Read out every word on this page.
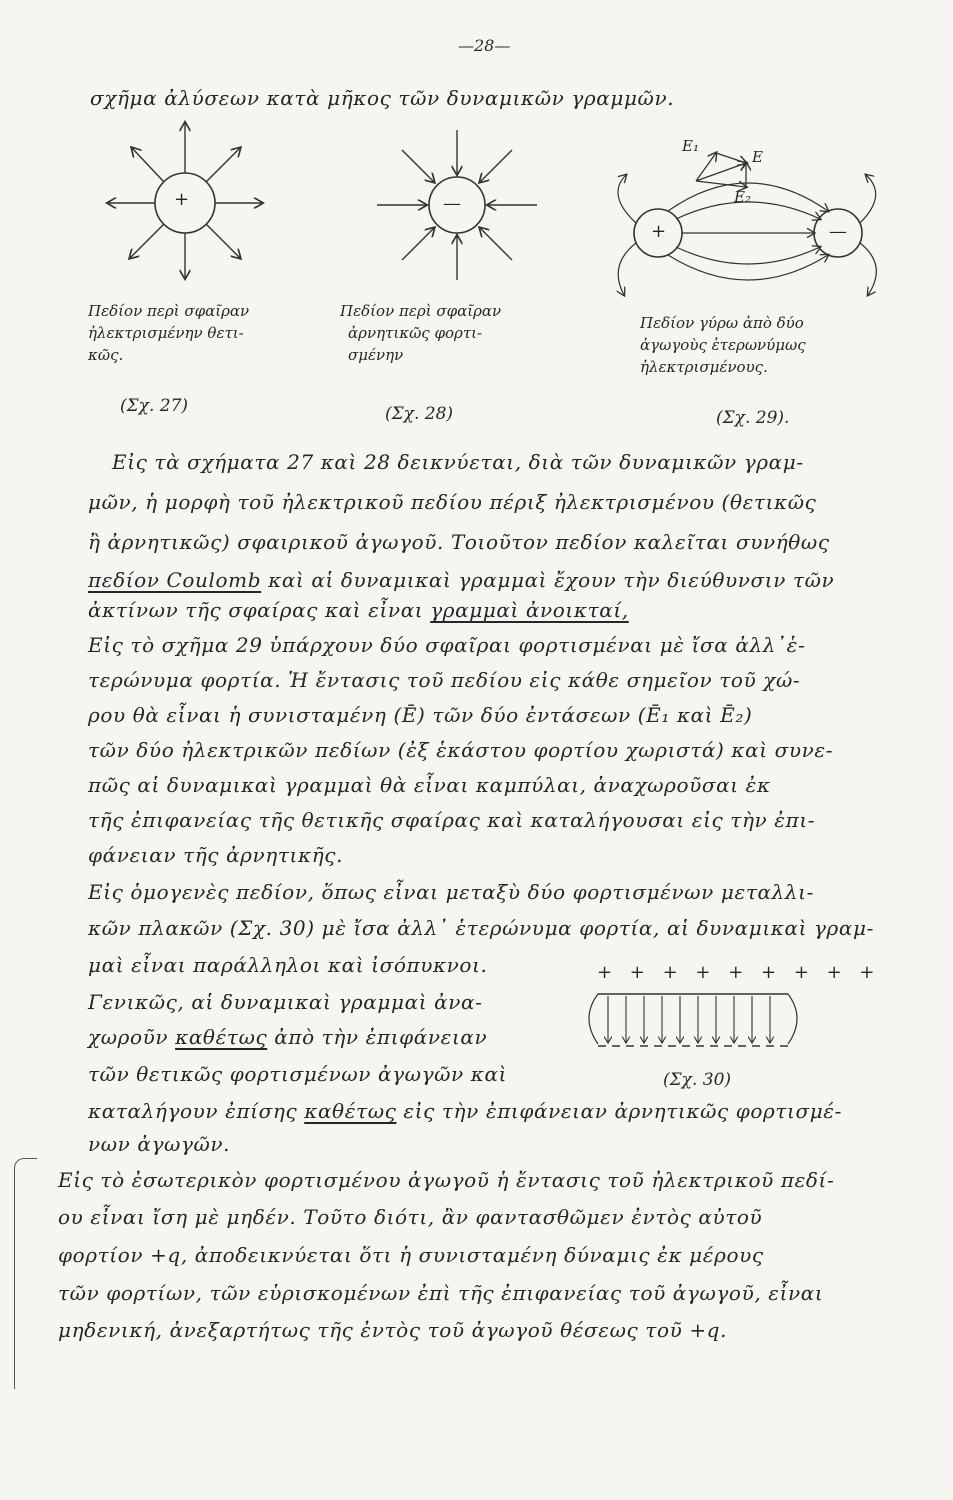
—28—
σχῆμα ἀλύσεων κατὰ μῆκος τῶν δυναμικῶν γραμμῶν.
+	—
+	—
E₁
E
E₂
Πεδίον περὶ σφαῖραν
ἠλεκτρισμένην θετι-
κῶς.
(Σχ. 27)
Πεδίον περὶ σφαῖραν
ἀρνητικῶς φορτι-
σμένην
(Σχ. 28)
Πεδίον γύρω ἀπὸ δύο
ἀγωγοὺς ἑτερωνύμως
ἠλεκτρισμένους.
(Σχ. 29).
Εἰς τὰ σχήματα 27 καὶ 28 δεικνύεται, διὰ τῶν δυναμικῶν γραμ-
μῶν, ἡ μορφὴ τοῦ ἠλεκτρικοῦ πεδίου πέριξ ἠλεκτρισμένου (θετικῶς
ἢ ἀρνητικῶς) σφαιρικοῦ ἀγωγοῦ. Τοιοῦτον πεδίον καλεῖται συνήθως
πεδίον Coulomb καὶ αἱ δυναμικαὶ γραμμαὶ ἔχουν τὴν διεύθυνσιν τῶν
ἀκτίνων τῆς σφαίρας καὶ εἶναι γραμμαὶ ἀνοικταί,
Εἰς τὸ σχῆμα 29 ὑπάρχουν δύο σφαῖραι φορτισμέναι μὲ ἴσα ἀλλ᾽ἑ-
τερώνυμα φορτία. Ἡ ἔντασις τοῦ πεδίου εἰς κάθε σημεῖον τοῦ χώ-
ρου θὰ εἶναι ἡ συνισταμένη (Ē) τῶν δύο ἐντάσεων (Ē₁ καὶ Ē₂)
τῶν δύο ἠλεκτρικῶν πεδίων (ἐξ ἑκάστου φορτίου χωριστά) καὶ συνε-
πῶς αἱ δυναμικαὶ γραμμαὶ θὰ εἶναι καμπύλαι, ἀναχωροῦσαι ἐκ
τῆς ἐπιφανείας τῆς θετικῆς σφαίρας καὶ καταλήγουσαι εἰς τὴν ἐπι-
φάνειαν τῆς ἀρνητικῆς.
Εἰς ὁμογενὲς πεδίον, ὅπως εἶναι μεταξὺ δύο φορτισμένων μεταλλι-
κῶν πλακῶν (Σχ. 30) μὲ ἴσα ἀλλ᾽ ἑτερώνυμα φορτία, αἱ δυναμικαὶ γραμ-
μαὶ εἶναι παράλληλοι καὶ ἰσόπυκνοι.
Γενικῶς, αἱ δυναμικαὶ γραμμαὶ ἀνα-
χωροῦν καθέτως ἀπὸ τὴν ἐπιφάνειαν
τῶν θετικῶς φορτισμένων ἀγωγῶν καὶ
καταλήγουν ἐπίσης καθέτως εἰς τὴν ἐπιφάνειαν ἀρνητικῶς φορτισμέ-
νων ἀγωγῶν.
+ + + + + + + + +
(Σχ. 30)
Εἰς τὸ ἐσωτερικὸν φορτισμένου ἀγωγοῦ ἡ ἔντασις τοῦ ἠλεκτρικοῦ πεδί-
ου εἶναι ἴση μὲ μηδέν. Τοῦτο διότι, ἂν φαντασθῶμεν ἐντὸς αὐτοῦ
φορτίον +q, ἀποδεικνύεται ὅτι ἡ συνισταμένη δύναμις ἐκ μέρους
τῶν φορτίων, τῶν εὑρισκομένων ἐπὶ τῆς ἐπιφανείας τοῦ ἀγωγοῦ, εἶναι
μηδενική, ἀνεξαρτήτως τῆς ἐντὸς τοῦ ἀγωγοῦ θέσεως τοῦ +q.
